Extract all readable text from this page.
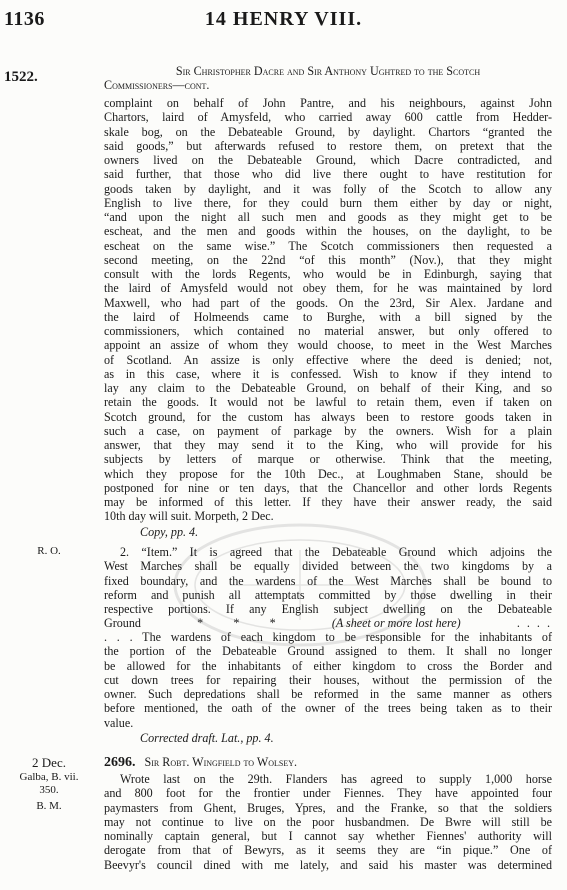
1136	14 HENRY VIII.
1522.	Sir Christopher Dacre and Sir Anthony Ughtred to the Scotch
Commissioners—cont.
complaint on behalf of John Pantre, and his neighbours, against John
Chartors, laird of Amysfeld, who carried away 600 cattle from Hedder-
skale bog, on the Debateable Ground, by daylight. Chartors “granted the
said goods,” but afterwards refused to restore them, on pretext that the
owners lived on the Debateable Ground, which Dacre contradicted, and
said further, that those who did live there ought to have restitution for
goods taken by daylight, and it was folly of the Scotch to allow any
English to live there, for they could burn them either by day or night,
“and upon the night all such men and goods as they might get to be
escheat, and the men and goods within the houses, on the daylight, to be
escheat on the same wise.” The Scotch commissioners then requested a
second meeting, on the 22nd “of this month” (Nov.), that they might
consult with the lords Regents, who would be in Edinburgh, saying that
the laird of Amysfeld would not obey them, for he was maintained by lord
Maxwell, who had part of the goods. On the 23rd, Sir Alex. Jardane and
the laird of Holmeends came to Burghe, with a bill signed by the
commissioners, which contained no material answer, but only offered to
appoint an assize of whom they would choose, to meet in the West Marches
of Scotland. An assize is only effective where the deed is denied; not,
as in this case, where it is confessed. Wish to know if they intend to
lay any claim to the Debateable Ground, on behalf of their King, and so
retain the goods. It would not be lawful to retain them, even if taken on
Scotch ground, for the custom has always been to restore goods taken in
such a case, on payment of parkage by the owners. Wish for a plain
answer, that they may send it to the King, who will provide for his
subjects by letters of marque or otherwise. Think that the meeting,
which they propose for the 10th Dec., at Loughmaben Stane, should be
postponed for nine or ten days, that the Chancellor and other lords Regents
may be informed of this letter. If they have their answer ready, the said
10th day will suit. Morpeth, 2 Dec.
Copy, pp. 4.
R. O.	2. “Item.” It is agreed that the Debateable Ground which adjoins the
West Marches shall be equally divided between the two kingdoms by a
fixed boundary, and the wardens of the West Marches shall be bound to
reform and punish all attemptats committed by those dwelling in their
respective portions. If any English subject dwelling on the Debateable
Ground	*          *          *	(A sheet or more lost here)	. . . .
. . . The wardens of each kingdom to be responsible for the inhabitants of
the portion of the Debateable Ground assigned to them. It shall no longer
be allowed for the inhabitants of either kingdom to cross the Border and
cut down trees for repairing their houses, without the permission of the
owner. Such depredations shall be reformed in the same manner as others
before mentioned, the oath of the owner of the trees being taken as to their
value.
Corrected draft. Lat., pp. 4.
2 Dec.
Galba, B. vii.
350.
B. M.
2696. Sir Robt. Wingfield to Wolsey.
Wrote last on the 29th. Flanders has agreed to supply 1,000 horse
and 800 foot for the frontier under Fiennes. They have appointed four
paymasters from Ghent, Bruges, Ypres, and the Franke, so that the soldiers
may not continue to live on the poor husbandmen. De Bwre will still be
nominally captain general, but I cannot say whether Fiennes' authority will
derogate from that of Bewyrs, as it seems they are “in pique.” One of
Beevyr's council dined with me lately, and said his master was determined
